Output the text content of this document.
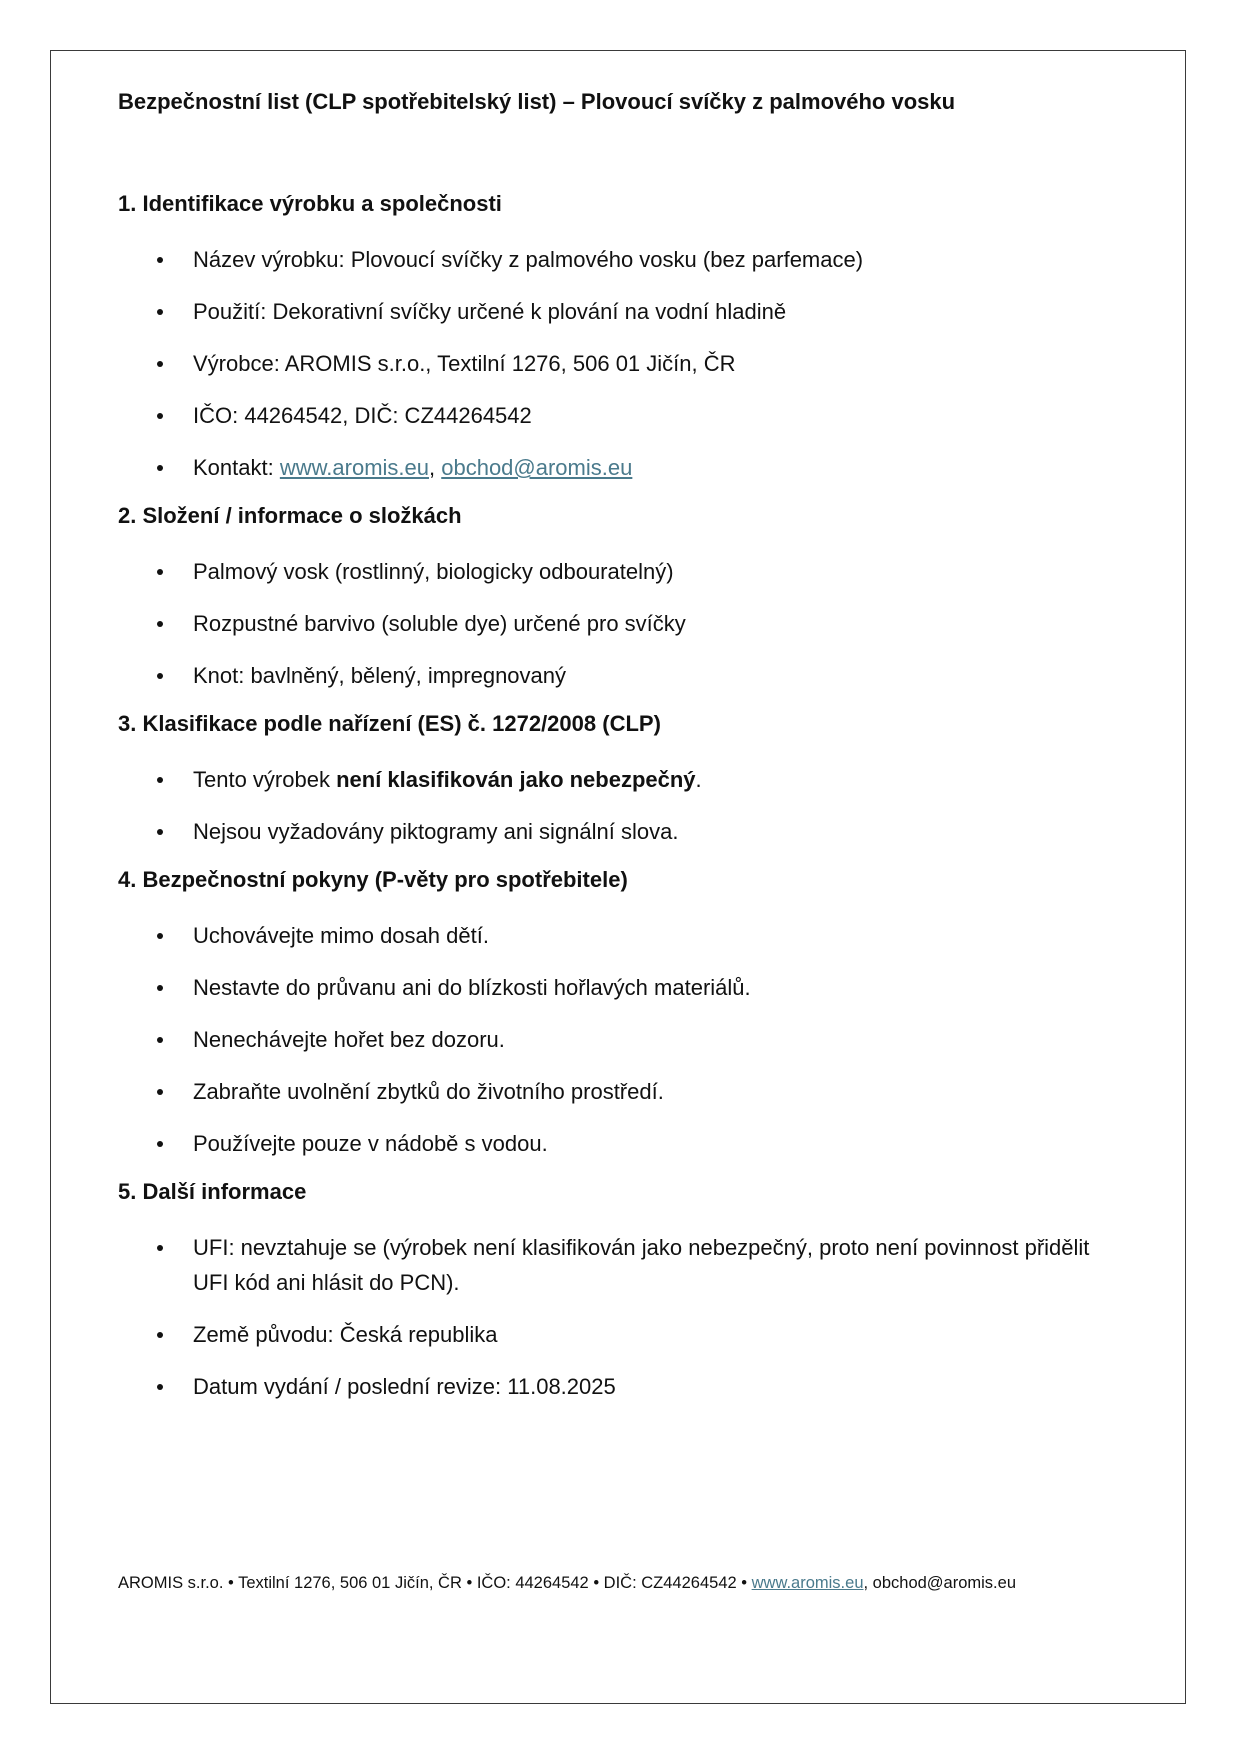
Bezpečnostní list (CLP spotřebitelský list) – Plovoucí svíčky z palmového vosku
1. Identifikace výrobku a společnosti
Název výrobku: Plovoucí svíčky z palmového vosku (bez parfemace)
Použití: Dekorativní svíčky určené k plování na vodní hladině
Výrobce: AROMIS s.r.o., Textilní 1276, 506 01 Jičín, ČR
IČO: 44264542, DIČ: CZ44264542
Kontakt: www.aromis.eu, obchod@aromis.eu
2. Složení / informace o složkách
Palmový vosk (rostlinný, biologicky odbouratelný)
Rozpustné barvivo (soluble dye) určené pro svíčky
Knot: bavlněný, bělený, impregnovaný
3. Klasifikace podle nařízení (ES) č. 1272/2008 (CLP)
Tento výrobek není klasifikován jako nebezpečný.
Nejsou vyžadovány piktogramy ani signální slova.
4. Bezpečnostní pokyny (P-věty pro spotřebitele)
Uchovávejte mimo dosah dětí.
Nestavte do průvanu ani do blízkosti hořlavých materiálů.
Nenechávejte hořet bez dozoru.
Zabraňte uvolnění zbytků do životního prostředí.
Používejte pouze v nádobě s vodou.
5. Další informace
UFI: nevztahuje se (výrobek není klasifikován jako nebezpečný, proto není povinnost přidělit UFI kód ani hlásit do PCN).
Země původu: Česká republika
Datum vydání / poslední revize: 11.08.2025
AROMIS s.r.o. • Textilní 1276, 506 01 Jičín, ČR • IČO: 44264542 • DIČ: CZ44264542 • www.aromis.eu, obchod@aromis.eu
